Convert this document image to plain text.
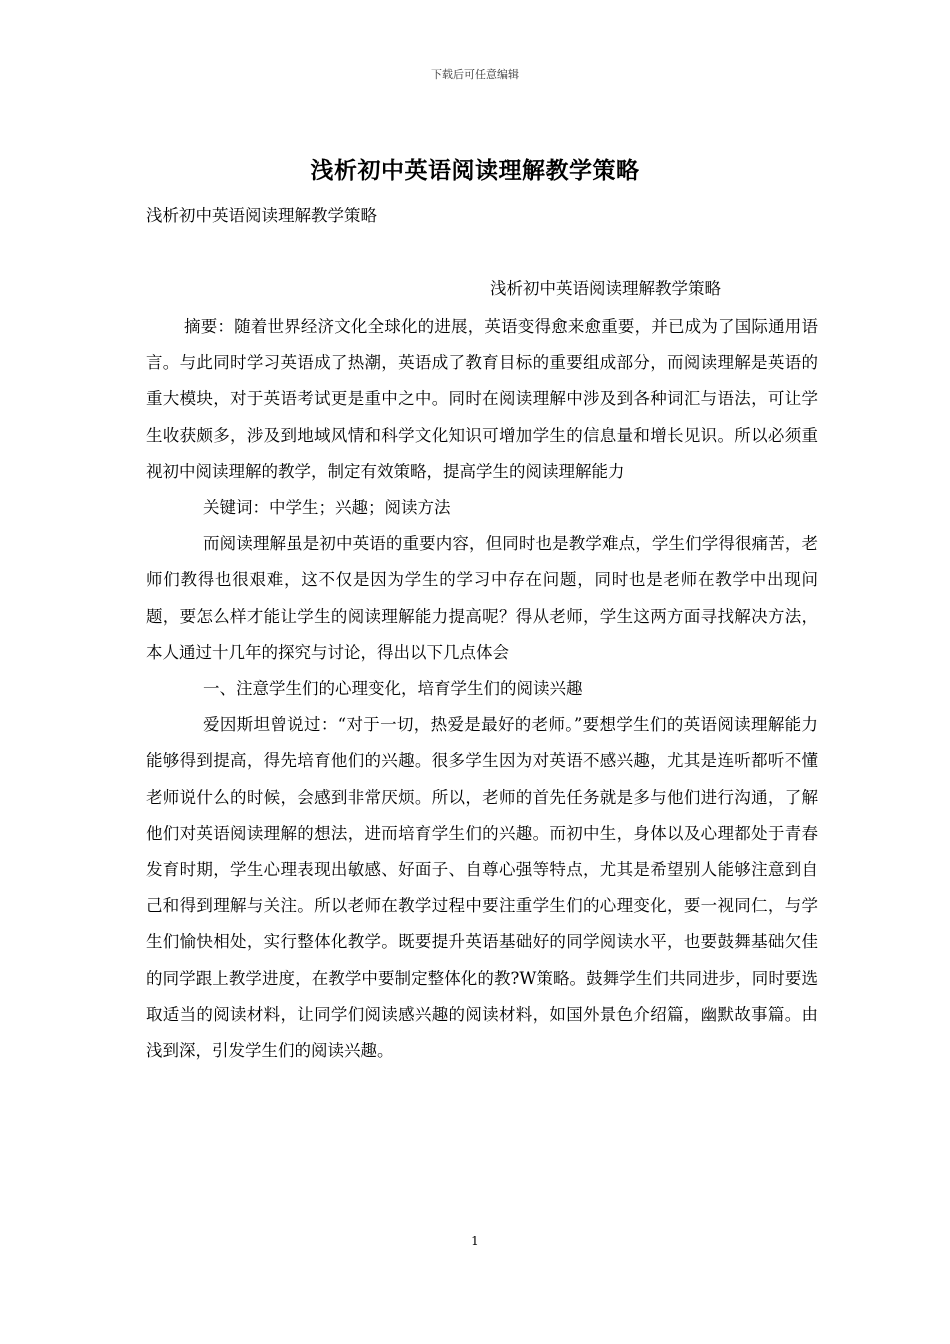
下载后可任意编辑
浅析初中英语阅读理解教学策略
浅析初中英语阅读理解教学策略
浅析初中英语阅读理解教学策略

摘要：随着世界经济文化全球化的进展，英语变得愈来愈重要，并已成为了国际通用语言。与此同时学习英语成了热潮，英语成了教育目标的重要组成部分，而阅读理解是英语的重大模块，对于英语考试更是重中之中。同时在阅读理解中涉及到各种词汇与语法，可让学生收获颇多，涉及到地域风情和科学文化知识可增加学生的信息量和增长见识。所以必须重视初中阅读理解的教学，制定有效策略，提高学生的阅读理解能力

关键词：中学生；兴趣；阅读方法

而阅读理解虽是初中英语的重要内容，但同时也是教学难点，学生们学得很痛苦，老师们教得也很艰难，这不仅是因为学生的学习中存在问题，同时也是老师在教学中出现问题，要怎么样才能让学生的阅读理解能力提高呢？得从老师，学生这两方面寻找解决方法，本人通过十几年的探究与讨论，得出以下几点体会

一、注意学生们的心理变化，培育学生们的阅读兴趣

爱因斯坦曾说过：“对于一切，热爱是最好的老师。”要想学生们的英语阅读理解能力能够得到提高，得先培育他们的兴趣。很多学生因为对英语不感兴趣，尤其是连听都听不懂老师说什么的时候，会感到非常厌烦。所以，老师的首先任务就是多与他们进行沟通，了解他们对英语阅读理解的想法，进而培育学生们的兴趣。而初中生，身体以及心理都处于青春发育时期，学生心理表现出敏感、好面子、自尊心强等特点，尤其是希望别人能够注意到自己和得到理解与关注。所以老师在教学过程中要注重学生们的心理变化，要一视同仁，与学生们愉快相处，实行整体化教学。既要提升英语基础好的同学阅读水平，也要鼓舞基础欠佳的同学跟上教学进度，在教学中要制定整体化的教?W策略。鼓舞学生们共同进步，同时要选取适当的阅读材料，让同学们阅读感兴趣的阅读材料，如国外景色介绍篇，幽默故事篇。由浅到深，引发学生们的阅读兴趣。

1
